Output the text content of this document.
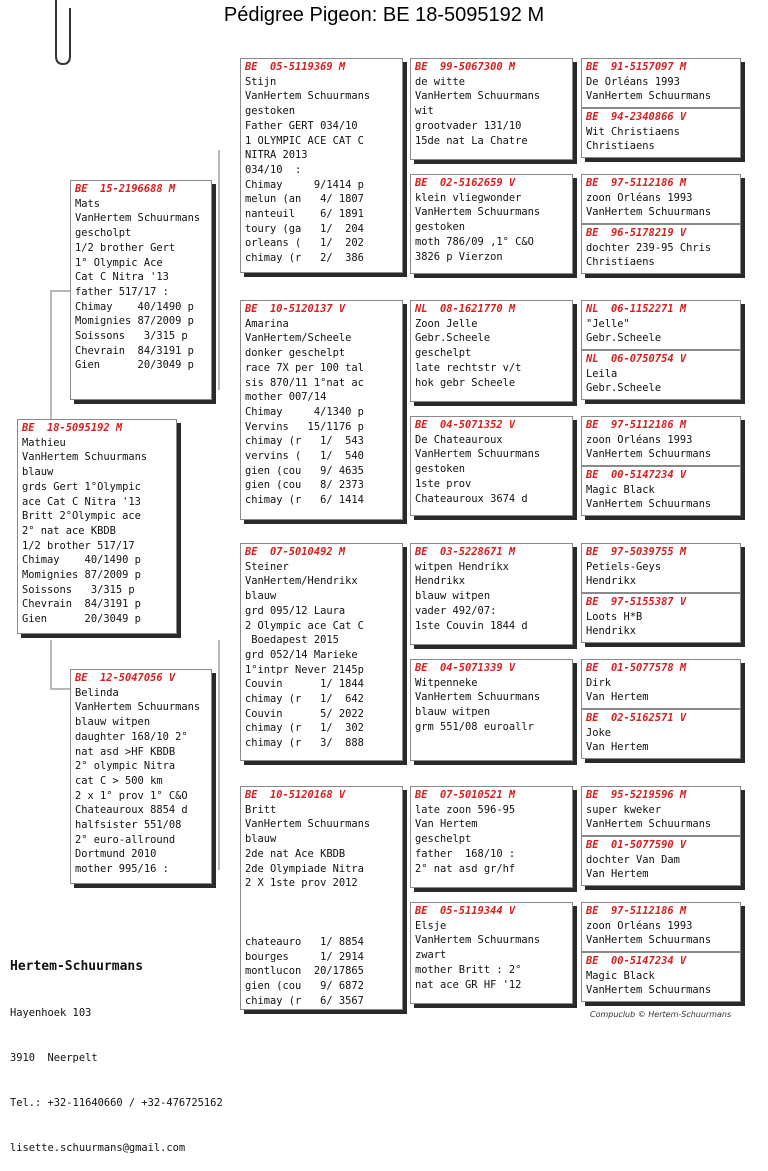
Pédigree Pigeon: BE 18-5095192 M
BE  18-5095192 M
Mathieu
VanHertem Schuurmans
blauw
grds Gert 1°Olympic
ace Cat C Nitra '13
Britt 2°Olympic ace
2° nat ace KBDB
1/2 brother 517/17
Chimay    40/1490 p
Momignies 87/2009 p
Soissons   3/315 p
Chevrain  84/3191 p
Gien      20/3049 p
BE  15-2196688 M
Mats
VanHertem Schuurmans
gescholpt
1/2 brother Gert
1° Olympic Ace
Cat C Nitra '13
father 517/17 :
Chimay    40/1490 p
Momignies 87/2009 p
Soissons   3/315 p
Chevrain  84/3191 p
Gien      20/3049 p
BE  12-5047056 V
Belinda
VanHertem Schuurmans
blauw witpen
daughter 168/10 2°
nat asd >HF KBDB
2° olympic Nitra
cat C > 500 km
2 x 1° prov 1° C&O
Chateauroux 8854 d
halfsister 551/08
2° euro-allround
Dortmund 2010
mother 995/16 :
BE  05-5119369 M
Stijn
VanHertem Schuurmans
gestoken
Father GERT 034/10
1 OLYMPIC ACE CAT C
NITRA 2013
034/10  :
Chimay     9/1414 p
melun (an   4/ 1807
nanteuil    6/ 1891
toury (ga   1/  204
orleans (   1/  202
chimay (r   2/  386
BE  10-5120137 V
Amarina
VanHertem/Scheele
donker geschelpt
race 7X per 100 tal
sis 870/11 1°nat ac
mother 007/14
Chimay     4/1340 p
Vervins   15/1176 p
chimay (r   1/  543
vervins (   1/  540
gien (cou   9/ 4635
gien (cou   8/ 2373
chimay (r   6/ 1414
BE  07-5010492 M
Steiner
VanHertem/Hendrikx
blauw
grd 095/12 Laura
2 Olympic ace Cat C
Boedapest 2015
grd 052/14 Marieke
1°intpr Never 2145p
Couvin      1/ 1844
chimay (r   1/  642
Couvin      5/ 2022
chimay (r   1/  302
chimay (r   3/  888
BE  10-5120168 V
Britt
VanHertem Schuurmans
blauw
2de nat Ace KBDB
2de Olympiade Nitra
2 X 1ste prov 2012

chateauro   1/ 8854
bourges     1/ 2914
montlucon  20/17865
gien (cou   9/ 6872
chimay (r   6/ 3567
BE  99-5067300 M
de witte
VanHertem Schuurmans
wit
grootvader 131/10
15de nat La Chatre
BE  02-5162659 V
klein vliegwonder
VanHertem Schuurmans
gestoken
moth 786/09 ,1° C&O
3826 p Vierzon
NL  08-1621770 M
Zoon Jelle
Gebr.Scheele
geschelpt
late rechtstr v/t
hok gebr Scheele
BE  04-5071352 V
De Chateauroux
VanHertem Schuurmans
gestoken
1ste prov
Chateauroux 3674 d
BE  03-5228671 M
witpen Hendrikx
Hendrikx
blauw witpen
vader 492/07:
1ste Couvin 1844 d
BE  04-5071339 V
Witpenneke
VanHertem Schuurmans
blauw witpen
grm 551/08 euroallr
BE  07-5010521 M
late zoon 596-95
Van Hertem
geschelpt
father  168/10 :
2° nat asd gr/hf
BE  05-5119344 V
Elsje
VanHertem Schuurmans
zwart
mother Britt : 2°
nat ace GR HF '12
BE  91-5157097 M
De Orléans 1993
VanHertem Schuurmans
BE  94-2340866 V
Wit Christiaens
Christiaens
BE  97-5112186 M
zoon Orléans 1993
VanHertem Schuurmans
BE  96-5178219 V
dochter 239-95 Chris
Christiaens
NL  06-1152271 M
"Jelle"
Gebr.Scheele
NL  06-0750754 V
Leila
Gebr.Scheele
BE  97-5112186 M
zoon Orléans 1993
VanHertem Schuurmans
BE  00-5147234 V
Magic Black
VanHertem Schuurmans
BE  97-5039755 M
Petiels-Geys
Hendrikx
BE  97-5155387 V
Loots H*B
Hendrikx
BE  01-5077578 M
Dirk
Van Hertem
BE  02-5162571 V
Joke
Van Hertem
BE  95-5219596 M
super kweker
VanHertem Schuurmans
BE  01-5077590 V
dochter Van Dam
Van Hertem
BE  97-5112186 M
zoon Orléans 1993
VanHertem Schuurmans
BE  00-5147234 V
Magic Black
VanHertem Schuurmans

Hertem-Schuurmans

Hayenhoek 103

3910  Neerpelt

Tel.: +32-11640660 / +32-476725162

lisette.schuurmans@gmail.com

Compuclub © Hertem-Schuurmans
